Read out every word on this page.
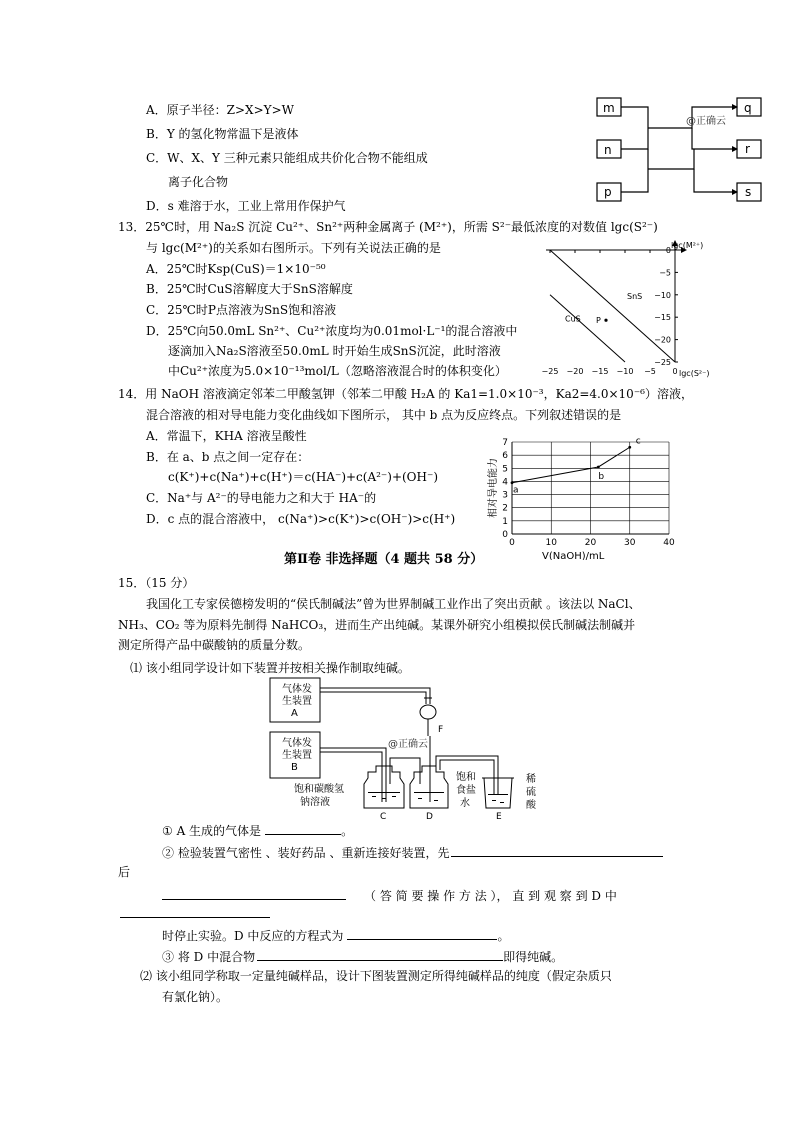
A．原子半径：Z>X>Y>W
B．Y 的氢化物常温下是液体
C．W、X、Y 三种元素只能组成共价化合物不能组成
离子化合物
D．s 难溶于水，工业上常用作保护气
m
n
p
q
r
s
@正确云
13．25℃时，用 Na₂S 沉淀 Cu²⁺、Sn²⁺两种金属离子 (M²⁺)，所需 S²⁻最低浓度的对数值 lgc(S²⁻)
与 lgc(M²⁺)的关系如右图所示。下列有关说法正确的是
A．25℃时Ksp(CuS)＝1×10⁻⁵⁰
B．25℃时CuS溶解度大于SnS溶解度
C．25℃时P点溶液为SnS饱和溶液
D．25℃向50.0mL Sn²⁺、Cu²⁺浓度均为0.01mol·L⁻¹的混合溶液中
逐滴加入Na₂S溶液至50.0mL 时开始生成SnS沉淀，此时溶液
中Cu²⁺浓度为5.0×10⁻¹³mol/L（忽略溶液混合时的体积变化）
0
−5
−10
−15
−20
−25
−25 −20 −15 −10 −5 0
SnS
CuS P
lgc(M²⁺)
lgc(S²⁻)
14．用 NaOH 溶液滴定邻苯二甲酸氢钾（邻苯二甲酸 H₂A 的 Ka1=1.0×10⁻³，Ka2=4.0×10⁻⁶）溶液，
混合溶液的相对导电能力变化曲线如下图所示， 其中 b 点为反应终点。下列叙述错误的是
A．常温下，KHA 溶液呈酸性
B．在 a、b 点之间一定存在：
c(K⁺)+c(Na⁺)+c(H⁺)＝c(HA⁻)+c(A²⁻)+(OH⁻)
C．Na⁺与 A²⁻的导电能力之和大于 HA⁻的
D．c 点的混合溶液中， c(Na⁺)>c(K⁺)>c(OH⁻)>c(H⁺)
0
1
2
3
4
5
6
7
0	10	20	30	40
a
b
c
V(NaOH)/mL
相对导电能力
第Ⅱ卷 非选择题（4 题共 58 分）
15．（15 分）
我国化工专家侯德榜发明的“侯氏制碱法”曾为世界制碱工业作出了突出贡献 。该法以 NaCl、
NH₃、CO₂ 等为原料先制得 NaHCO₃，进而生产出纯碱。某课外研究小组模拟侯氏制碱法制碱并
测定所得产品中碳酸钠的质量分数。
⑴ 该小组同学设计如下装置并按相关操作制取纯碱。
气体发
生装置
A
气体发
生装置
B
F
@正确云
饱和碳酸氢
钠溶液
饱和
食盐
水
稀
硫
酸
C	D	E
① A 生成的气体是	。
② 检验装置气密性 、装好药品 、重新连接好装置，先
后
（ 答 简 要 操 作 方 法 ）， 直 到 观 察 到 D 中
时停止实验。D 中反应的方程式为	。
③ 将 D 中混合物	即得纯碱。
⑵ 该小组同学称取一定量纯碱样品，设计下图装置测定所得纯碱样品的纯度（假定杂质只
有氯化钠）。
